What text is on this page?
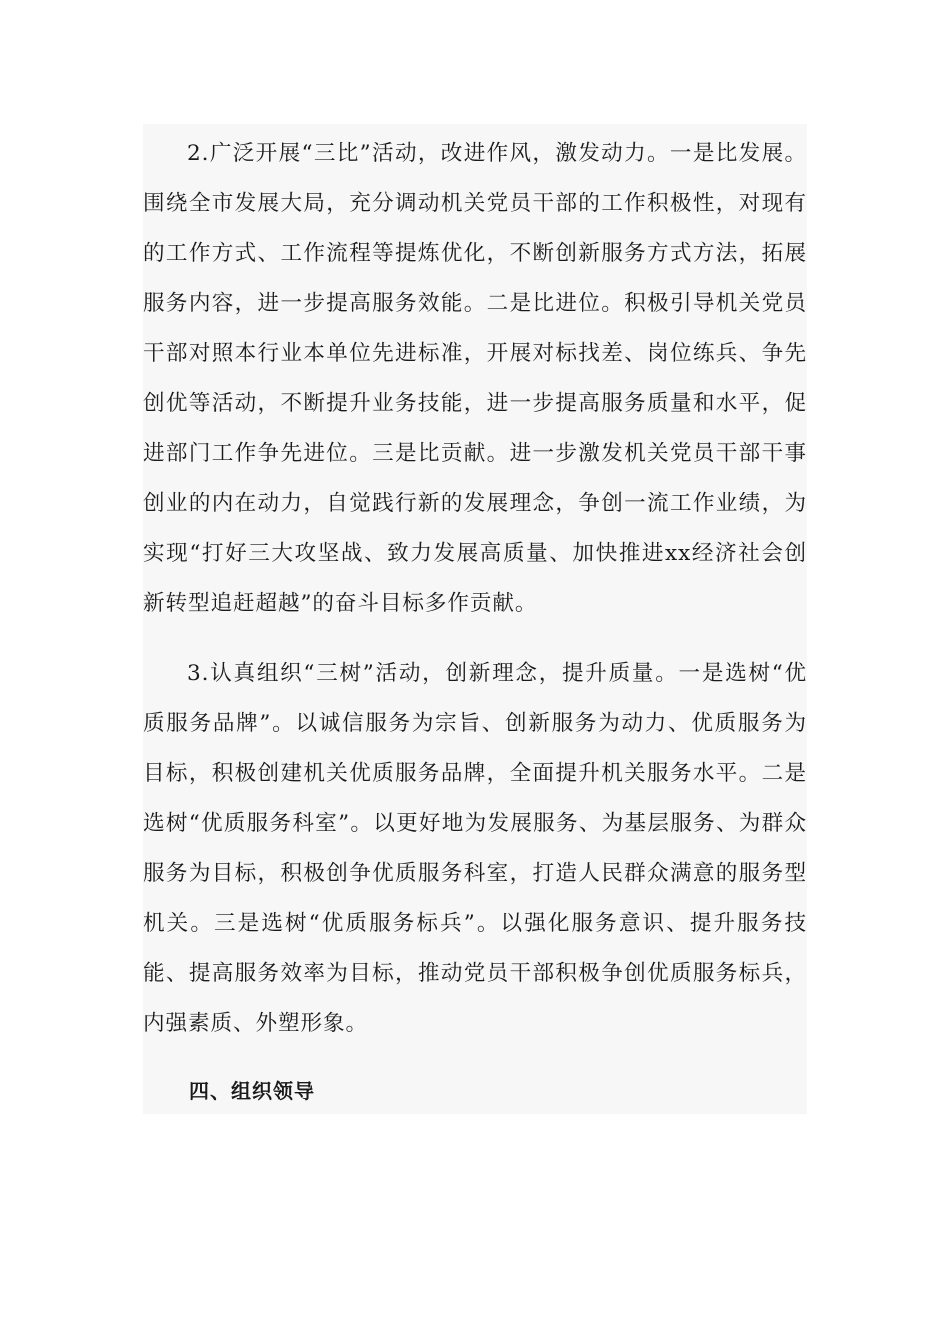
2.广泛开展“三比”活动，改进作风，激发动力。一是比发展。围绕全市发展大局，充分调动机关党员干部的工作积极性，对现有的工作方式、工作流程等提炼优化，不断创新服务方式方法，拓展服务内容，进一步提高服务效能。二是比进位。积极引导机关党员干部对照本行业本单位先进标准，开展对标找差、岗位练兵、争先创优等活动，不断提升业务技能，进一步提高服务质量和水平，促进部门工作争先进位。三是比贡献。进一步激发机关党员干部干事创业的内在动力，自觉践行新的发展理念，争创一流工作业绩，为实现“打好三大攻坚战、致力发展高质量、加快推进xx经济社会创新转型追赶超越”的奋斗目标多作贡献。

3.认真组织“三树”活动，创新理念，提升质量。一是选树“优质服务品牌”。以诚信服务为宗旨、创新服务为动力、优质服务为目标，积极创建机关优质服务品牌，全面提升机关服务水平。二是选树“优质服务科室”。以更好地为发展服务、为基层服务、为群众服务为目标，积极创争优质服务科室，打造人民群众满意的服务型机关。三是选树“优质服务标兵”。以强化服务意识、提升服务技能、提高服务效率为目标，推动党员干部积极争创优质服务标兵，内强素质、外塑形象。

四、组织领导
